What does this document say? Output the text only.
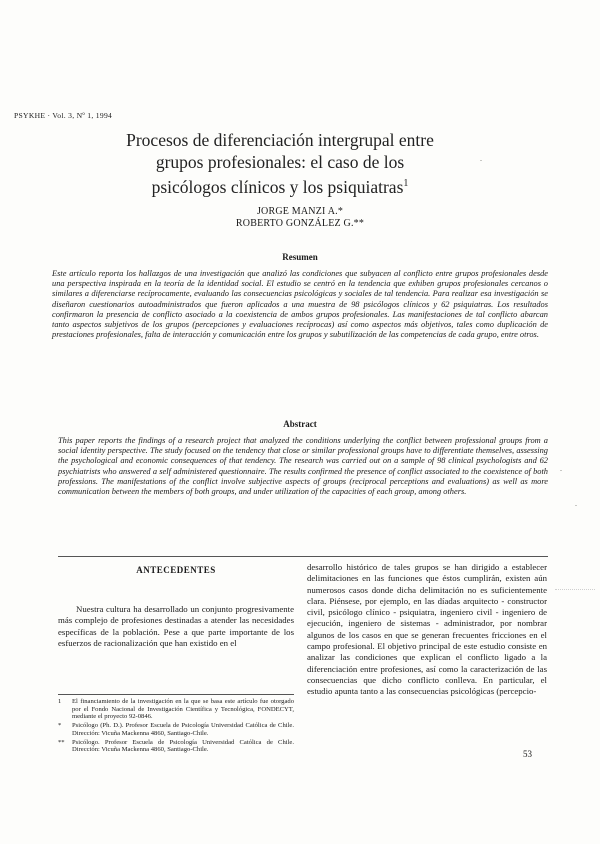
PSYKHE · Vol. 3, Nº 1, 1994
Procesos de diferenciación intergrupal entre
grupos profesionales: el caso de los
psicólogos clínicos y los psiquiatras$^1$
JORGE MANZI A.*
ROBERTO GONZÁLEZ G.**
Resumen
Este artículo reporta los hallazgos de una investigación que analizó las condiciones que subyacen al conflicto entre grupos profesionales desde una perspectiva inspirada en la teoría de la identidad social. El estudio se centró en la tendencia que exhiben grupos profesionales cercanos o similares a diferenciarse recíprocamente, evaluando las consecuencias psicológicas y sociales de tal tendencia. Para realizar esa investigación se diseñaron cuestionarios autoadministrados que fueron aplicados a una muestra de 98 psicólogos clínicos y 62 psiquiatras. Los resultados confirmaron la presencia de conflicto asociado a la coexistencia de ambos grupos profesionales. Las manifestaciones de tal conflicto abarcan tanto aspectos subjetivos de los grupos (percepciones y evaluaciones recíprocas) así como aspectos más objetivos, tales como duplicación de prestaciones profesionales, falta de interacción y comunicación entre los grupos y subutilización de las competencias de cada grupo, entre otros.
Abstract
This paper reports the findings of a research project that analyzed the conditions underlying the conflict between professional groups from a social identity perspective. The study focused on the tendency that close or similar professional groups have to differentiate themselves, assessing the psychological and economic consequences of that tendency. The research was carried out on a sample of 98 clinical psychologists and 62 psychiatrists who answered a self administered questionnaire. The results confirmed the presence of conflict associated to the coexistence of both professions. The manifestations of the conflict involve subjective aspects of groups (reciprocal perceptions and evaluations) as well as more communication between the members of both groups, and under utilization of the capacities of each group, among others.
ANTECEDENTES
Nuestra cultura ha desarrollado un conjunto progresivamente más complejo de profesiones destinadas a atender las necesidades específicas de la población. Pese a que parte importante de los esfuerzos de racionalización que han existido en el
desarrollo histórico de tales grupos se han dirigido a establecer delimitaciones en las funciones que éstos cumplirán, existen aún numerosos casos donde dicha delimitación no es suficientemente clara. Piénsese, por ejemplo, en las díadas arquitecto - constructor civil, psicólogo clínico - psiquiatra, ingeniero civil - ingeniero de ejecución, ingeniero de sistemas - administrador, por nombrar algunos de los casos en que se generan frecuentes fricciones en el campo profesional. El objetivo principal de este estudio consiste en analizar las condiciones que explican el conflicto ligado a la diferenciación entre profesiones, así como la caracterización de las consecuencias que dicho conflicto conlleva. En particular, el estudio apunta tanto a las consecuencias psicológicas (percepcio-
1	El financiamiento de la investigación en la que se basa este artículo fue otorgado por el Fondo Nacional de Investigación Científica y Tecnológica, FONDECYT, mediante el proyecto 92-0846.
*	Psicólogo (Ph. D.). Profesor Escuela de Psicología Universidad Católica de Chile. Dirección: Vicuña Mackenna 4860, Santiago-Chile.
**	Psicólogo. Profesor Escuela de Psicología Universidad Católica de Chile. Dirección: Vicuña Mackenna 4860, Santiago-Chile.	53
